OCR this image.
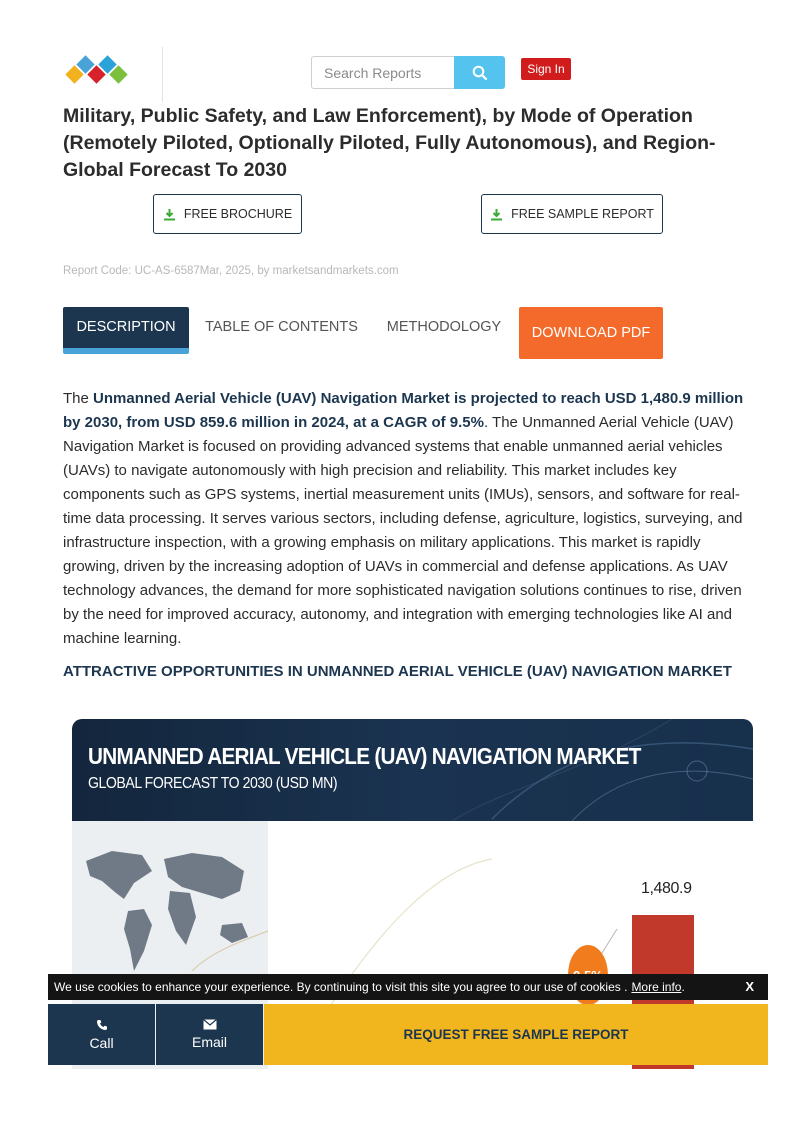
Search Reports
Sign In
Military, Public Safety, and Law Enforcement), by Mode of Operation (Remotely Piloted, Optionally Piloted, Fully Autonomous), and Region- Global Forecast To 2030
FREE BROCHURE	FREE SAMPLE REPORT
Report Code: UC-AS-6587Mar, 2025, by marketsandmarkets.com
DESCRIPTION	TABLE OF CONTENTS	METHODOLOGY	DOWNLOAD PDF

The Unmanned Aerial Vehicle (UAV) Navigation Market is projected to reach USD 1,480.9 million by 2030, from USD 859.6 million in 2024, at a CAGR of 9.5%. The Unmanned Aerial Vehicle (UAV) Navigation Market is focused on providing advanced systems that enable unmanned aerial vehicles (UAVs) to navigate autonomously with high precision and reliability. This market includes key components such as GPS systems, inertial measurement units (IMUs), sensors, and software for real-time data processing. It serves various sectors, including defense, agriculture, logistics, surveying, and infrastructure inspection, with a growing emphasis on military applications. This market is rapidly growing, driven by the increasing adoption of UAVs in commercial and defense applications. As UAV technology advances, the demand for more sophisticated navigation solutions continues to rise, driven by the need for improved accuracy, autonomy, and integration with emerging technologies like AI and machine learning.

ATTRACTIVE OPPORTUNITIES IN UNMANNED AERIAL VEHICLE (UAV) NAVIGATION MARKET
UNMANNED AERIAL VEHICLE (UAV) NAVIGATION MARKET
GLOBAL FORECAST TO 2030 (USD MN)
1,480.9
We use cookies to enhance your experience. By continuing to visit this site you agree to our use of cookies . More info .	X
Call	Email	REQUEST FREE SAMPLE REPORT
